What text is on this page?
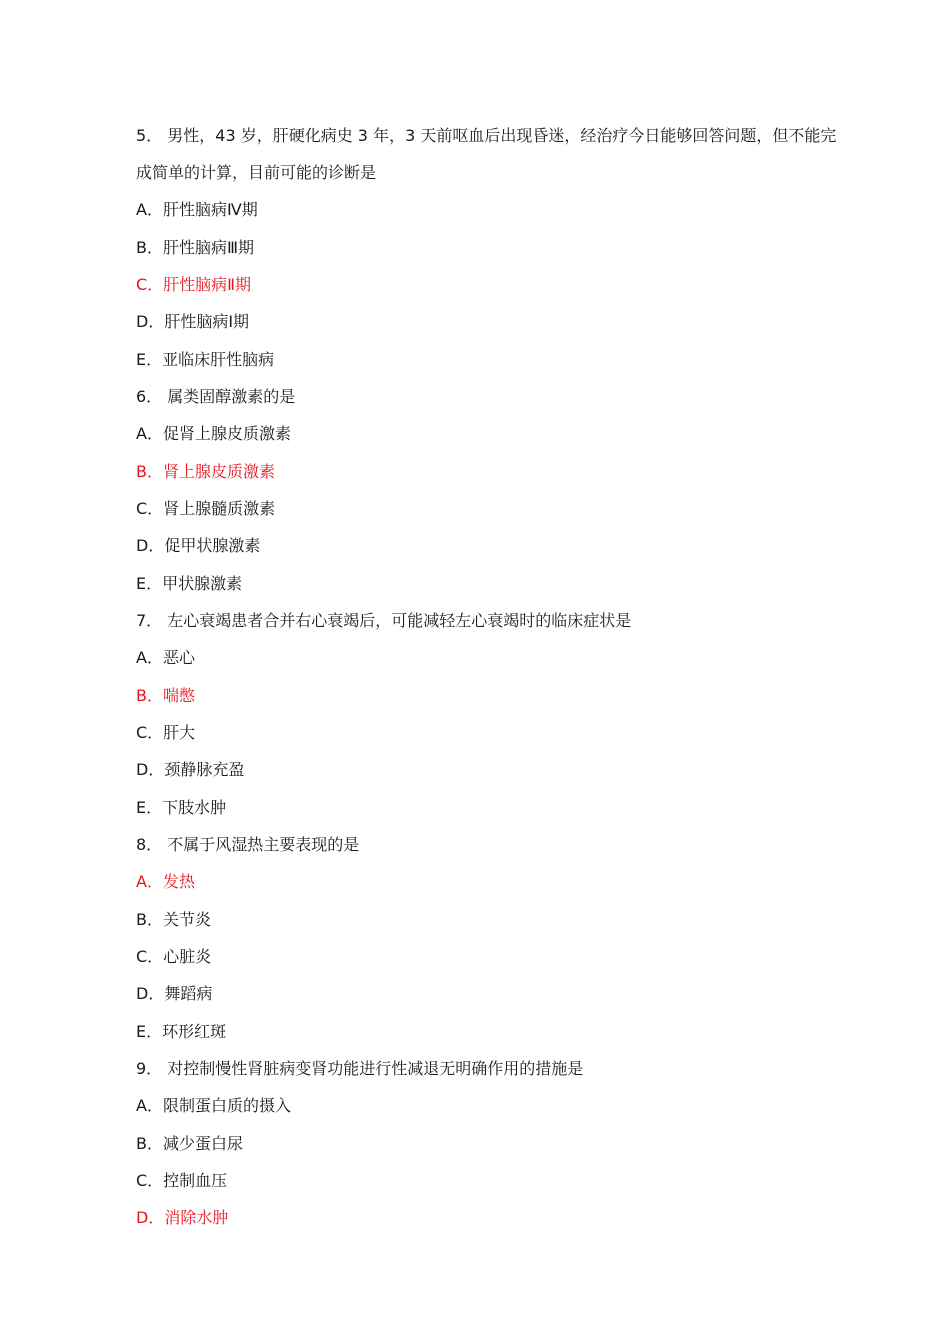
5． 男性，43 岁，肝硬化病史 3 年，3 天前呕血后出现昏迷，经治疗今日能够回答问题，但不能完
成简单的计算，目前可能的诊断是
A．肝性脑病Ⅳ期
B．肝性脑病Ⅲ期
C．肝性脑病Ⅱ期
D．肝性脑病Ⅰ期
E．亚临床肝性脑病
6． 属类固醇激素的是
A．促肾上腺皮质激素
B．肾上腺皮质激素
C．肾上腺髓质激素
D．促甲状腺激素
E．甲状腺激素
7． 左心衰竭患者合并右心衰竭后，可能减轻左心衰竭时的临床症状是
A．恶心
B．喘憋
C．肝大
D．颈静脉充盈
E．下肢水肿
8． 不属于风湿热主要表现的是
A．发热
B．关节炎
C．心脏炎
D．舞蹈病
E．环形红斑
9． 对控制慢性肾脏病变肾功能进行性减退无明确作用的措施是
A．限制蛋白质的摄入
B．减少蛋白尿
C．控制血压
D．消除水肿
